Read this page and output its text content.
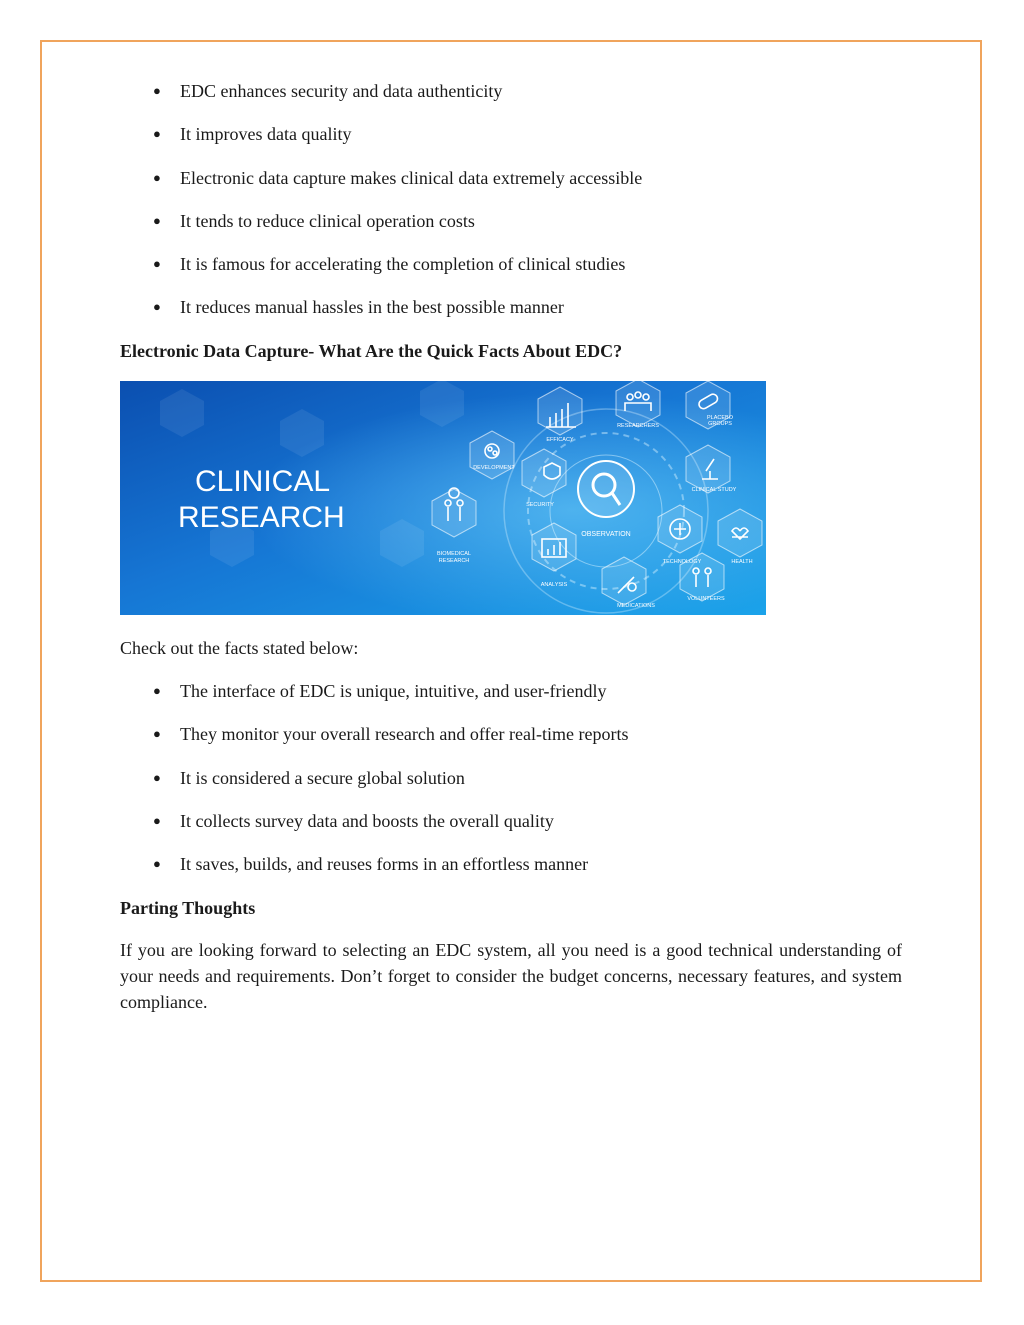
● EDC enhances security and data authenticity
● It improves data quality
● Electronic data capture makes clinical data extremely accessible
● It tends to reduce clinical operation costs
● It is famous for accelerating the completion of clinical studies
● It reduces manual hassles in the best possible manner
Electronic Data Capture- What Are the Quick Facts About EDC?
CLINICAL
RESEARCH
OBSERVATION
EFFICACY
RESEARCHERS
PLACEBO
GROUPS
DEVELOPMENT
SECURITY
CLINICAL STUDY
BIOMEDICAL
RESEARCH
ANALYSIS
MEDICATIONS
TECHNOLOGY	HEALTH
VOLUNTEERS

Check out the facts stated below:

● The interface of EDC is unique, intuitive, and user-friendly
● They monitor your overall research and offer real-time reports
● It is considered a secure global solution
● It collects survey data and boosts the overall quality
● It saves, builds, and reuses forms in an effortless manner
Parting Thoughts

If you are looking forward to selecting an EDC system, all you need is a good technical understanding of your needs and requirements. Don’t forget to consider the budget concerns, necessary features, and system compliance.
